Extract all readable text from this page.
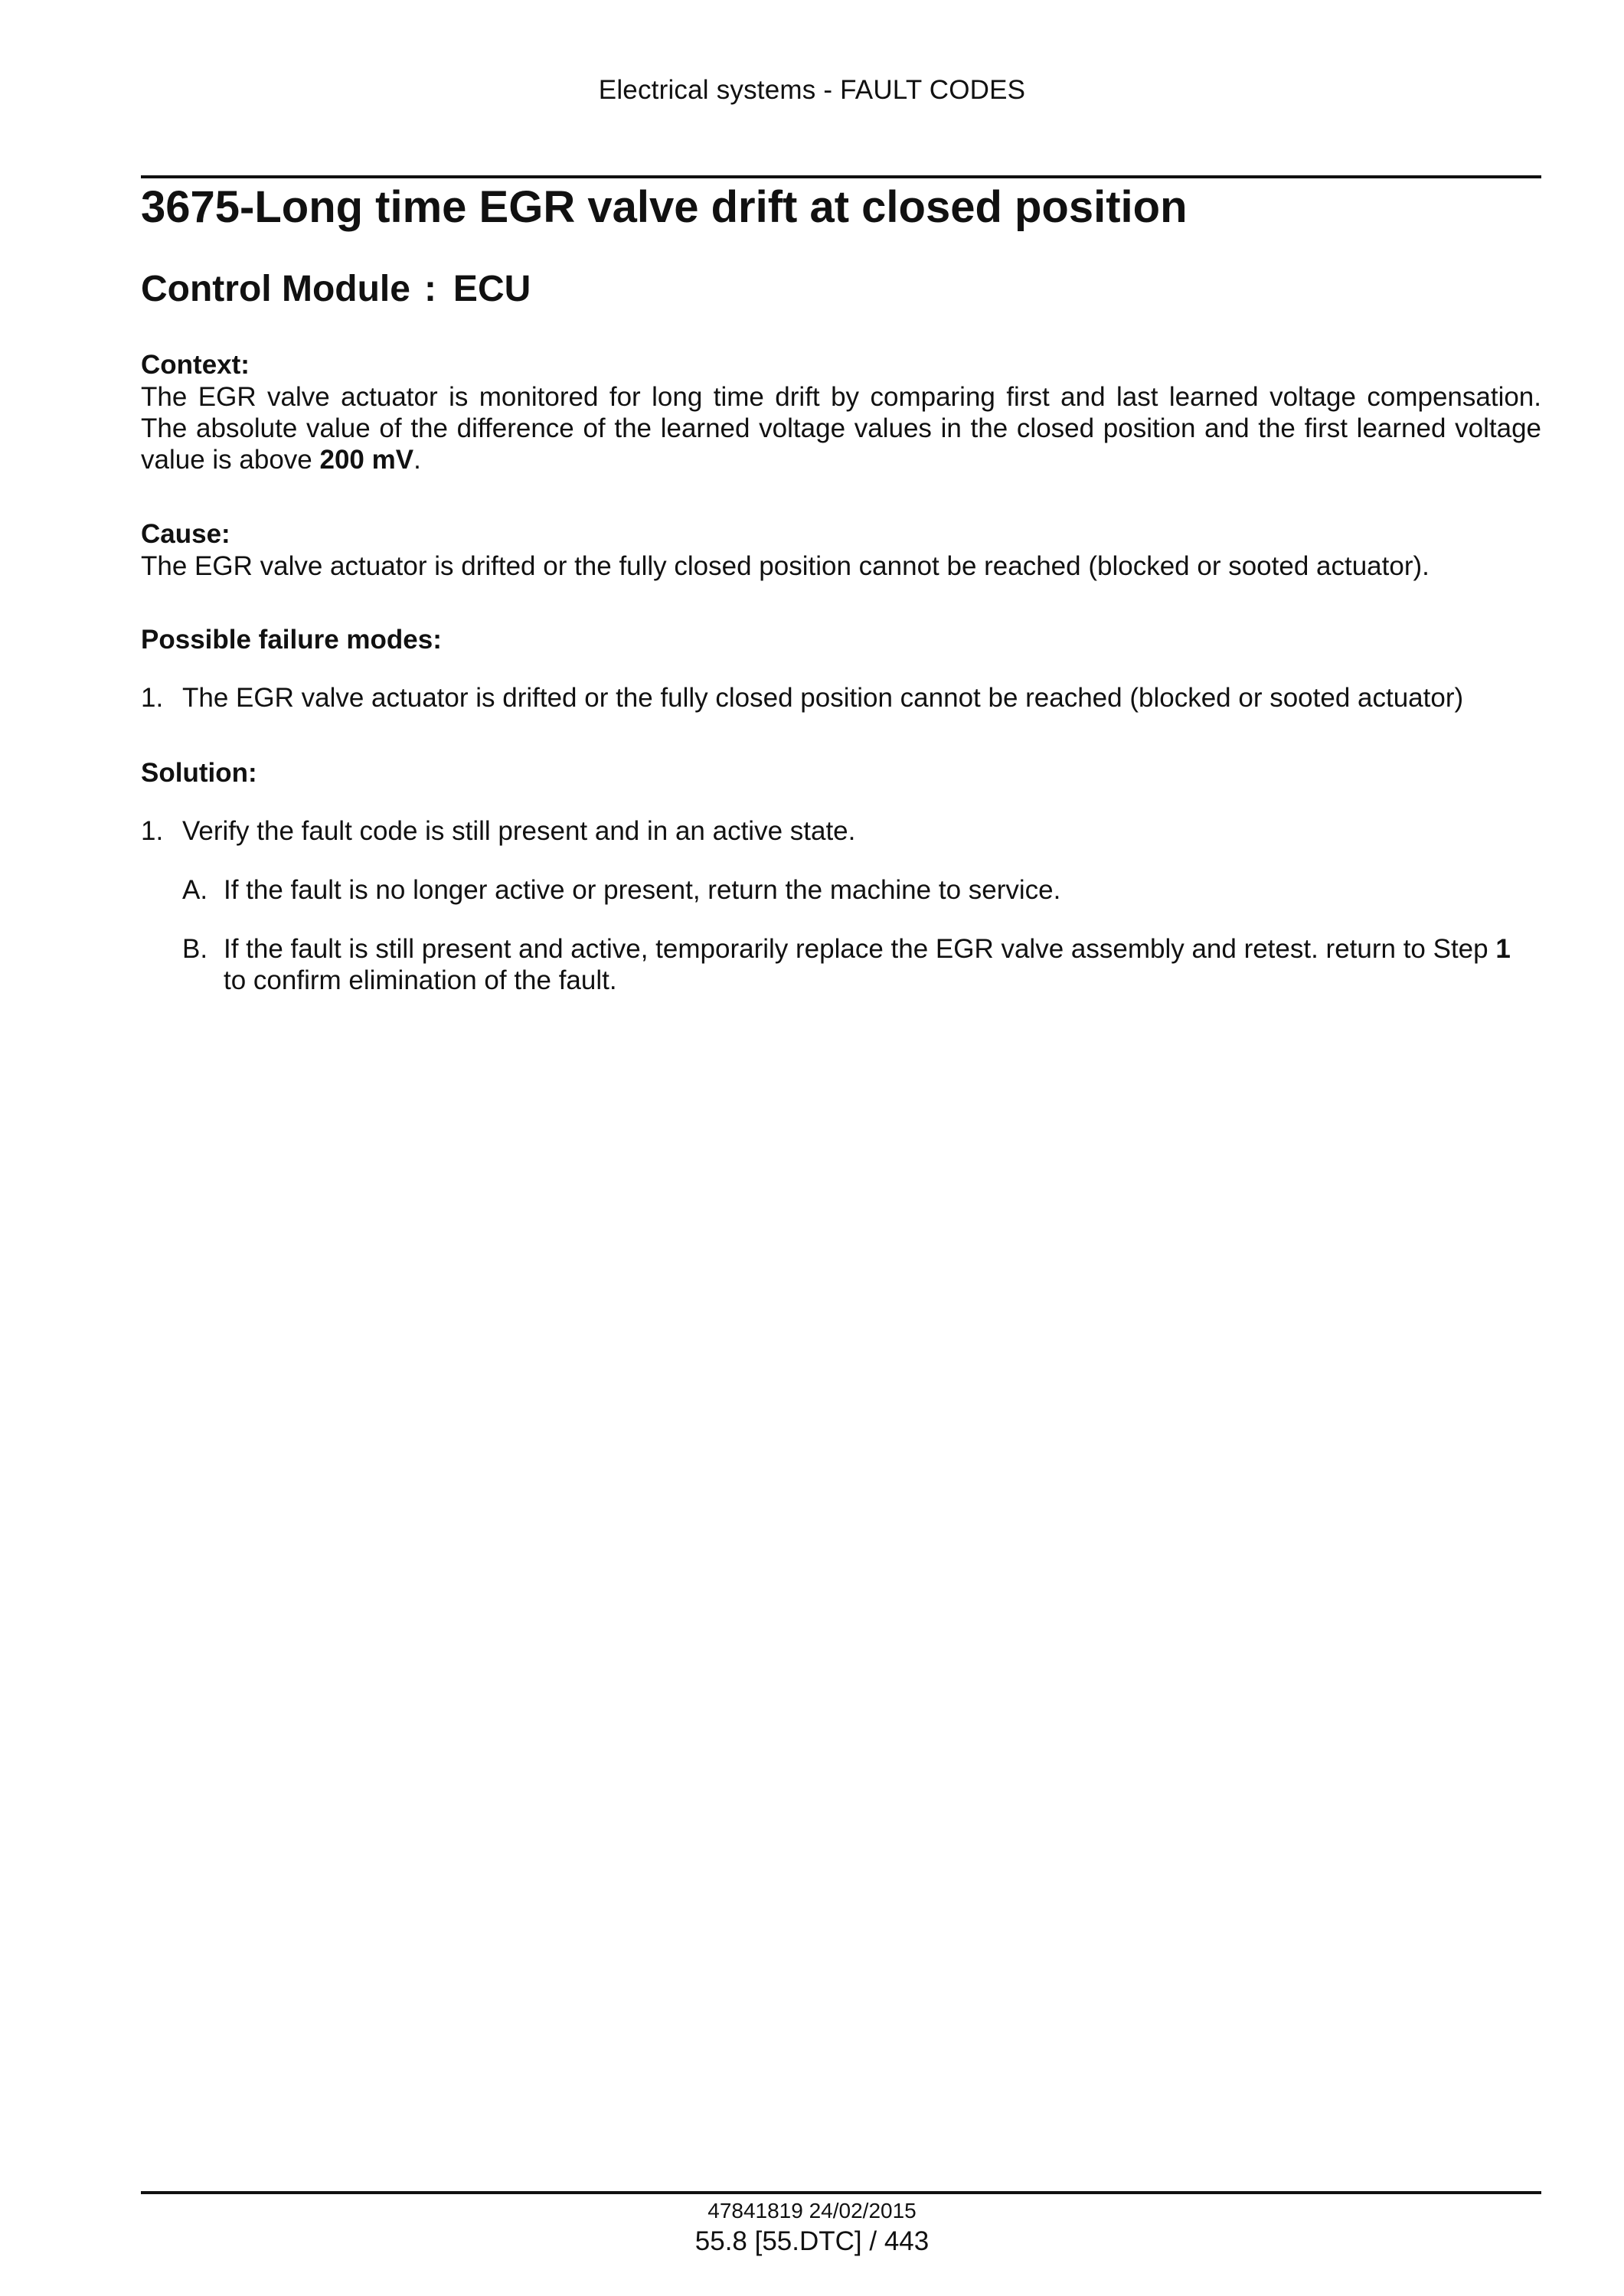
Electrical systems - FAULT CODES
3675-Long time EGR valve drift at closed position
Control Module : ECU
Context:
The EGR valve actuator is monitored for long time drift by comparing first and last learned voltage compensation.
The absolute value of the difference of the learned voltage values in the closed position and the first learned voltage
value is above 200 mV.
Cause:
The EGR valve actuator is drifted or the fully closed position cannot be reached (blocked or sooted actuator).
Possible failure modes:
1. The EGR valve actuator is drifted or the fully closed position cannot be reached (blocked or sooted actuator)
Solution:
1. Verify the fault code is still present and in an active state.
A. If the fault is no longer active or present, return the machine to service.
B. If the fault is still present and active, temporarily replace the EGR valve assembly and retest. return to Step 1
to confirm elimination of the fault.
47841819 24/02/2015
55.8 [55.DTC] / 443
